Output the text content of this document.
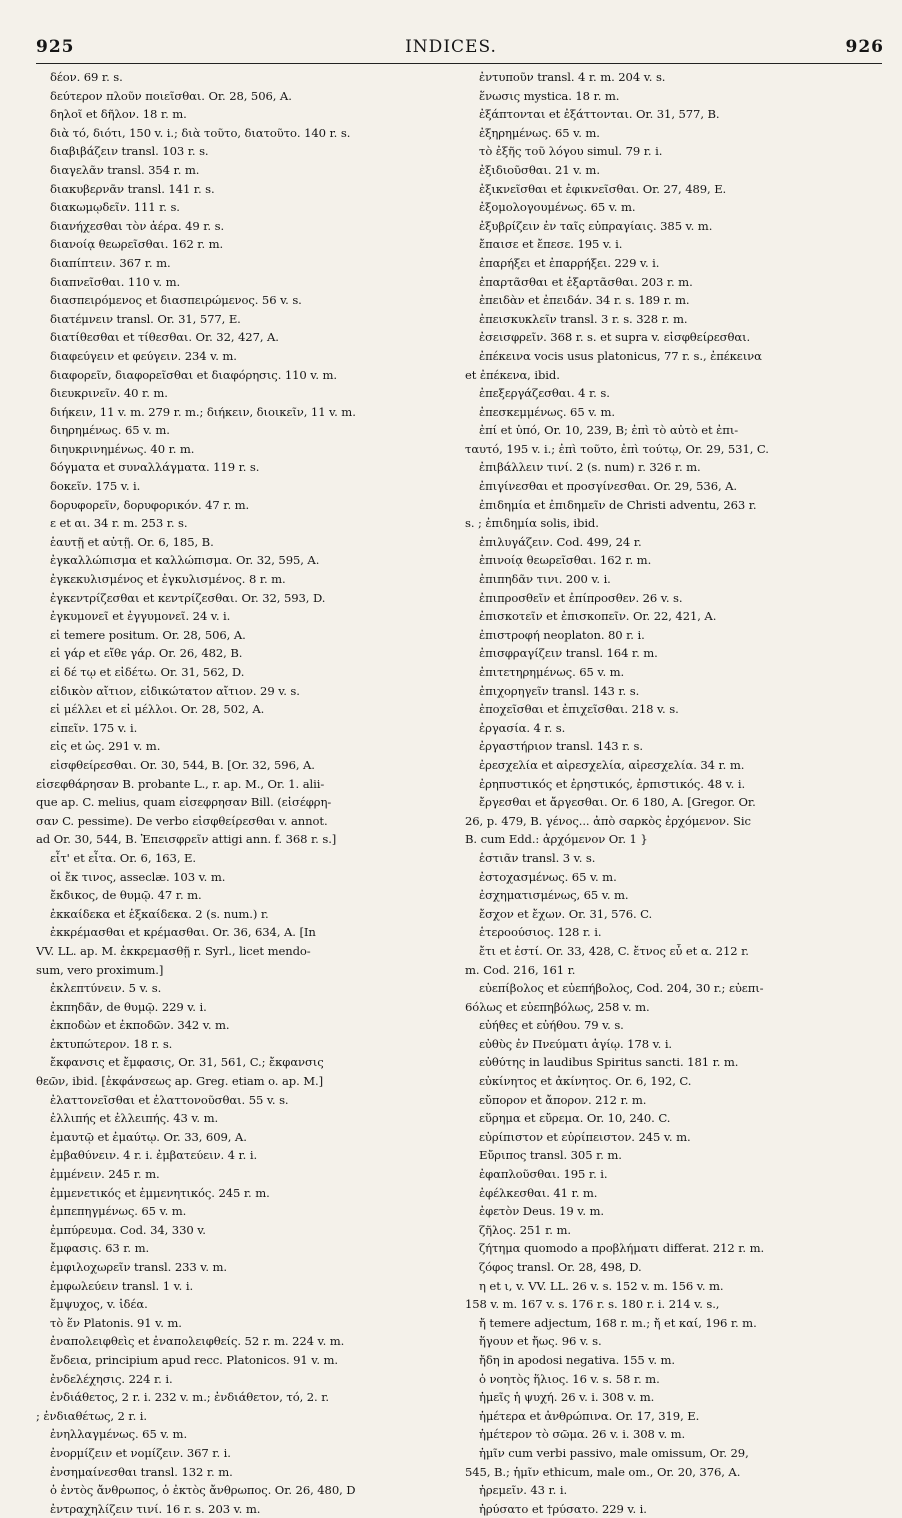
925	INDICES.	926
δέον. 69 r. s.
δεύτερον πλοῦν ποιεῖσθαι. Or. 28, 506, A.
δηλοῖ et δῆλον. 18 r. m.
διὰ τό, διότι, 150 v. i.; διὰ τοῦτο, διατοῦτο. 140 r. s.
διαβιβάζειν transl. 103 r. s.
διαγελᾶν transl. 354 r. m.
διακυβερνᾶν transl. 141 r. s.
διακωμῳδεῖν. 111 r. s.
διανήχεσθαι τὸν ἀέρα. 49 r. s.
διανοίᾳ θεωρεῖσθαι. 162 r. m.
διαπίπτειν. 367 r. m.
διαπνεῖσθαι. 110 v. m.
διασπειρόμενος et διασπειρώμενος. 56 v. s.
διατέμνειν transl. Or. 31, 577, E.
διατίθεσθαι et τίθεσθαι. Or. 32, 427, A.
διαφεύγειν et φεύγειν. 234 v. m.
διαφορεῖν, διαφορεῖσθαι et διαφόρησις. 110 v. m.
διευκρινεῖν. 40 r. m.
διήκειν, 11 v. m. 279 r. m.; διήκειν, διοικεῖν, 11 v. m.
διηρημένως. 65 v. m.
διηυκρινημένως. 40 r. m.
δόγματα et συναλλάγματα. 119 r. s.
δοκεῖν. 175 v. i.
δορυφορεῖν, δορυφορικόν. 47 r. m.
ε et αι. 34 r. m. 253 r. s.
ἑαυτῇ et αὐτῇ. Or. 6, 185, B.
ἐγκαλλώπισμα et καλλώπισμα. Or. 32, 595, A.
ἐγκεκυλισμένος et ἐγκυλισμένος. 8 r. m.
ἐγκεντρίζεσθαι et κεντρίζεσθαι. Or. 32, 593, D.
ἐγκυμονεῖ et ἐγγυμονεῖ. 24 v. i.
εἰ temere positum. Or. 28, 506, A.
εἰ γάρ et εἴθε γάρ. Or. 26, 482, B.
εἰ δέ τῳ et εἰδέτω. Or. 31, 562, D.
εἰδικὸν αἴτιον, εἰδικώτατον αἴτιον. 29 v. s.
εἰ μέλλει et εἰ μέλλοι. Or. 28, 502, A.
εἰπεῖν. 175 v. i.
εἰς et ὡς. 291 v. m.
εἰσφθείρεσθαι. Or. 30, 544, B. [Or. 32, 596, A.
εἰσεφθάρησαν B. probante L., r. ap. M., Or. 1. alii-
que ap. C. melius, quam εἰσεφρησαν Bill. (εἰσέφρη-
σαν C. pessime). De verbo εἰσφθείρεσθαι v. annot.
ad Or. 30, 544, B. Ἐπεισφρεῖν attigi ann. f. 368 r. s.]
εἶτ' et εἶτα. Or. 6, 163, E.
οἱ ἔκ τινος, asseclæ. 103 v. m.
ἔκδικος, de θυμῷ. 47 r. m.
ἐκκαίδεκα et ἑξκαίδεκα. 2 (s. num.) r.
ἐκκρέμασθαι et κρέμασθαι. Or. 36, 634, A. [In
VV. LL. ap. M. ἐκκρεμασθῇ r. Syrl., licet mendo-
sum, vero proximum.]
ἐκλεπτύνειν. 5 v. s.
ἐκπηδᾶν, de θυμῷ. 229 v. i.
ἐκποδὼν et ἐκποδῶν. 342 v. m.
ἐκτυπώτερον. 18 r. s.
ἔκφανσις et ἔμφασις, Or. 31, 561, C.; ἔκφανσις
θεῶν, ibid. [ἐκφάνσεως ap. Greg. etiam o. ap. M.]
ἐλαττονεῖσθαι et ἐλαττονοῦσθαι. 55 v. s.
ἐλλιπής et ἐλλειπής. 43 v. m.
ἐμαυτῷ et ἐμαύτῳ. Or. 33, 609, A.
ἐμβαθύνειν. 4 r. i. ἐμβατεύειν. 4 r. i.
ἐμμένειν. 245 r. m.
ἐμμενετικός et ἐμμενητικός. 245 r. m.
ἐμπεπηγμένως. 65 v. m.
ἐμπύρευμα. Cod. 34, 330 v.
ἔμφασις. 63 r. m.
ἐμφιλοχωρεῖν transl. 233 v. m.
ἐμφωλεύειν transl. 1 v. i.
ἔμψυχος, v. ἰδέα.
τὸ ἕν Platonis. 91 v. m.
ἐναπολειφθεὶς et ἐναπολειφθείς. 52 r. m. 224 v. m.
ἔνδεια, principium apud recc. Platonicos. 91 v. m.
ἐνδελέχησις. 224 r. i.
ἐνδιάθετος, 2 r. i. 232 v. m.; ἐνδιάθετον, τό, 2. r.
; ἐνδιαθέτως, 2 r. i.
ἐνηλλαγμένως. 65 v. m.
ἐνορμίζειν et νομίζειν. 367 r. i.
ἐνσημαίνεσθαι transl. 132 r. m.
ὁ ἐντὸς ἄνθρωπος, ὁ ἐκτὸς ἄνθρωπος. Or. 26, 480, D
ἐντραχηλίζειν τινί. 16 r. s. 203 v. m.
ἐντυποῦν transl. 4 r. m. 204 v. s.
ἕνωσις mystica. 18 r. m.
ἐξάπτονται et ἐξάττονται. Or. 31, 577, B.
ἐξηρημένως. 65 v. m.
τὸ ἐξῆς τοῦ λόγου simul. 79 r. i.
ἐξιδιοῦσθαι. 21 v. m.
ἐξικνεῖσθαι et ἐφικνεῖσθαι. Or. 27, 489, E.
ἐξομολογουμένως. 65 v. m.
ἐξυβρίζειν ἐν ταῖς εὐπραγίαις. 385 v. m.
ἔπαισε et ἔπεσε. 195 v. i.
ἐπαρήξει et ἐπαρρήξει. 229 v. i.
ἐπαρτᾶσθαι et ἐξαρτᾶσθαι. 203 r. m.
ἐπειδὰν et ἐπειδάν. 34 r. s. 189 r. m.
ἐπεισκυκλεῖν transl. 3 r. s. 328 r. m.
ἐσεισφρεῖν. 368 r. s. et supra v. εἰσφθείρεσθαι.
ἐπέκεινα vocis usus platonicus, 77 r. s., ἐπέκεινα
et ἐπέκενα, ibid.
ἐπεξεργάζεσθαι. 4 r. s.
ἐπεσκεμμένως. 65 v. m.
ἐπί et ὑπό, Or. 10, 239, B; ἐπὶ τὸ αὐτὸ et ἐπι-
ταυτό, 195 v. i.; ἐπὶ τοῦτο, ἐπὶ τούτῳ, Or. 29, 531, C.
ἐπιβάλλειν τινί. 2 (s. num) r. 326 r. m.
ἐπιγίνεσθαι et προσγίνεσθαι. Or. 29, 536, A.
ἐπιδημία et ἐπιδημεῖν de Christi adventu, 263 r.
s. ; ἐπιδημία solis, ibid.
ἐπιλυγάζειν. Cod. 499, 24 r.
ἐπινοίᾳ θεωρεῖσθαι. 162 r. m.
ἐπιπηδᾶν τινι. 200 v. i.
ἐπιπροσθεῖν et ἐπίπροσθεν. 26 v. s.
ἐπισκοτεῖν et ἐπισκοπεῖν. Or. 22, 421, A.
ἐπιστροφή neoplaton. 80 r. i.
ἐπισφραγίζειν transl. 164 r. m.
ἐπιτετηρημένως. 65 v. m.
ἐπιχορηγεῖν transl. 143 r. s.
ἐποχεῖσθαι et ἐπιχεῖσθαι. 218 v. s.
ἐργασία. 4 r. s.
ἐργαστήριον transl. 143 r. s.
ἐρεσχελία et αἱρεσχελία, αἱρεσχελία. 34 r. m.
ἐρηπυστικός et ἐρηστικός, ἐρπιστικός. 48 v. i.
ἔργεσθαι et ἄργεσθαι. Or. 6 180, A. [Gregor. Or.
26, p. 479, B. γένος... ἀπὸ σαρκὸς ἐρχόμενον. Sic
B. cum Edd.: ἀρχόμενον Or. 1 }
ἑστιᾶν transl. 3 v. s.
ἐστοχασμένως. 65 v. m.
ἐσχηματισμένως, 65 v. m.
ἔσχον et ἔχων. Or. 31, 576. C.
ἑτεροούσιος. 128 r. i.
ἔτι et ἐστί. Or. 33, 428, C. ἔτνος εὖ et α. 212 r.
m. Cod. 216, 161 r.
εὐεπίβολος et εὐεπήβολος, Cod. 204, 30 r.; εὐεπι-
6όλως et εὐεπηβόλως, 258 v. m.
εὐήθες et εὐήθου. 79 v. s.
εὐθὺς ἐν Πνεύματι ἁγίῳ. 178 v. i.
εὐθύτης in laudibus Spiritus sancti. 181 r. m.
εὐκίνητος et ἀκίνητος. Or. 6, 192, C.
εὔπορον et ἄπορον. 212 r. m.
εὕρημα et εὔρεμα. Or. 10, 240. C.
εὐρίπιστον et εὐρίπειστον. 245 v. m.
Εὔριπος transl. 305 r. m.
ἐφαπλοῦσθαι. 195 r. i.
ἐφέλκεσθαι. 41 r. m.
ἐφετὸν Deus. 19 v. m.
ζῆλος. 251 r. m.
ζήτημα quomodo a προβλήματι differat. 212 r. m.
ζόφος transl. Or. 28, 498, D.
η et ι, v. VV. LL. 26 v. s. 152 v. m. 156 v. m.
158 v. m. 167 v. s. 176 r. s. 180 r. i. 214 v. s.,
ἤ temere adjectum, 168 r. m.; ἤ et καί, 196 r. m.
ἥγουν et ἤως. 96 v. s.
ἤδη in apodosi negativa. 155 v. m.
ὁ νοητὸς ἥλιος. 16 v. s. 58 r. m.
ἡμεῖς ἡ ψυχή. 26 v. i. 308 v. m.
ἡμέτερα et ἀνθρώπινα. Or. 17, 319, E.
ἡμέτερον τὸ σῶμα. 26 v. i. 308 v. m.
ἡμῖν cum verbi passivo, male omissum, Or. 29,
545, B.; ἡμῖν ethicum, male om., Or. 20, 376, A.
ἠρεμεῖν. 43 r. i.
ἠρύσατο et †ρύσατο. 229 v. i.
